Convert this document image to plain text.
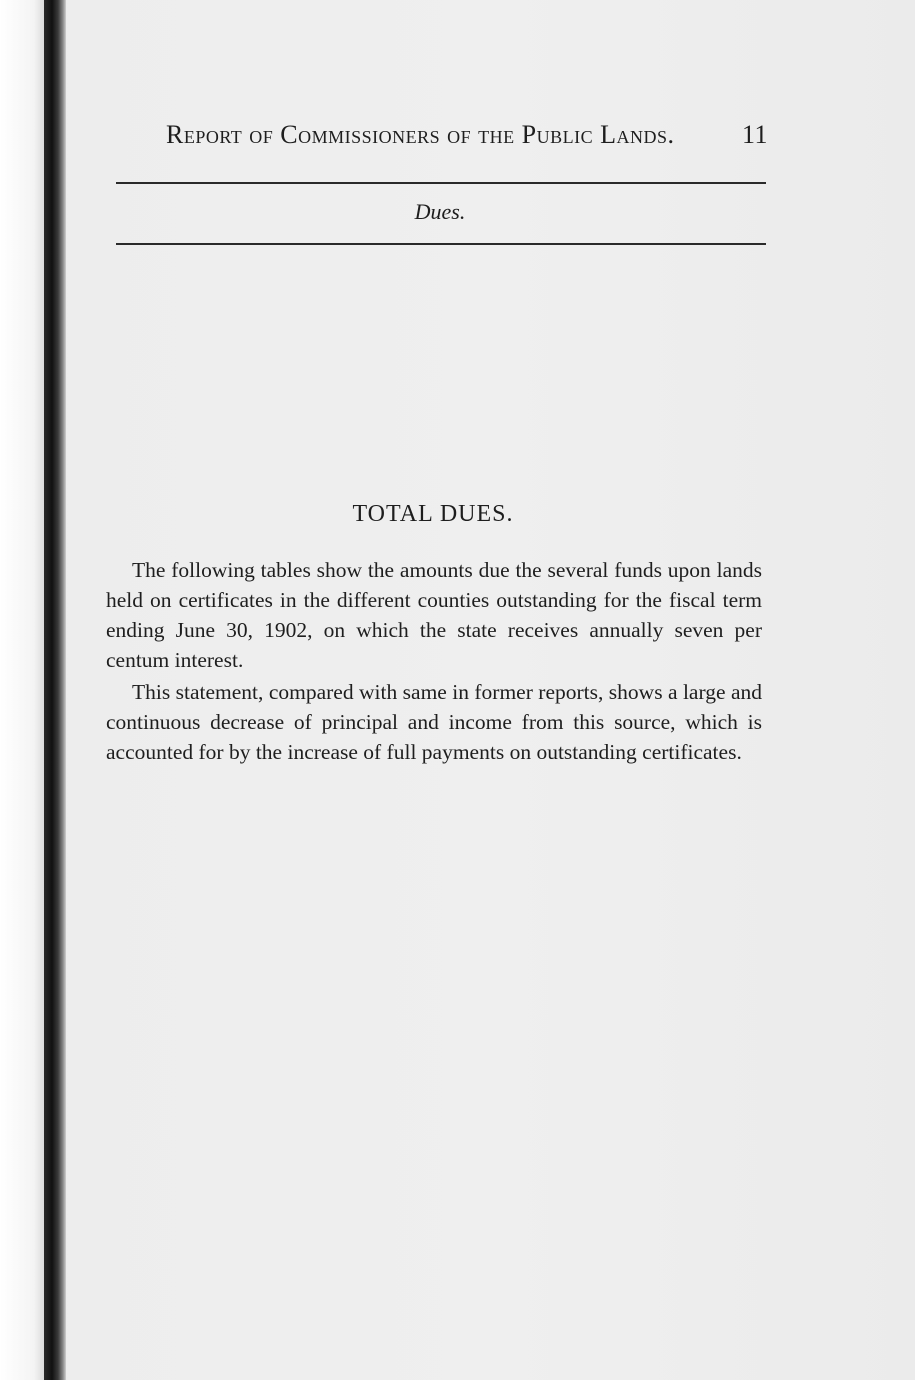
Report of Commissioners of the Public Lands.	11
Dues.
TOTAL DUES.

The following tables show the amounts due the several funds upon lands held on certificates in the different counties outstanding for the fiscal term ending June 30, 1902, on which the state receives annually seven per centum interest.

This statement, compared with same in former reports, shows a large and continuous decrease of principal and income from this source, which is accounted for by the increase of full payments on outstanding certificates.
